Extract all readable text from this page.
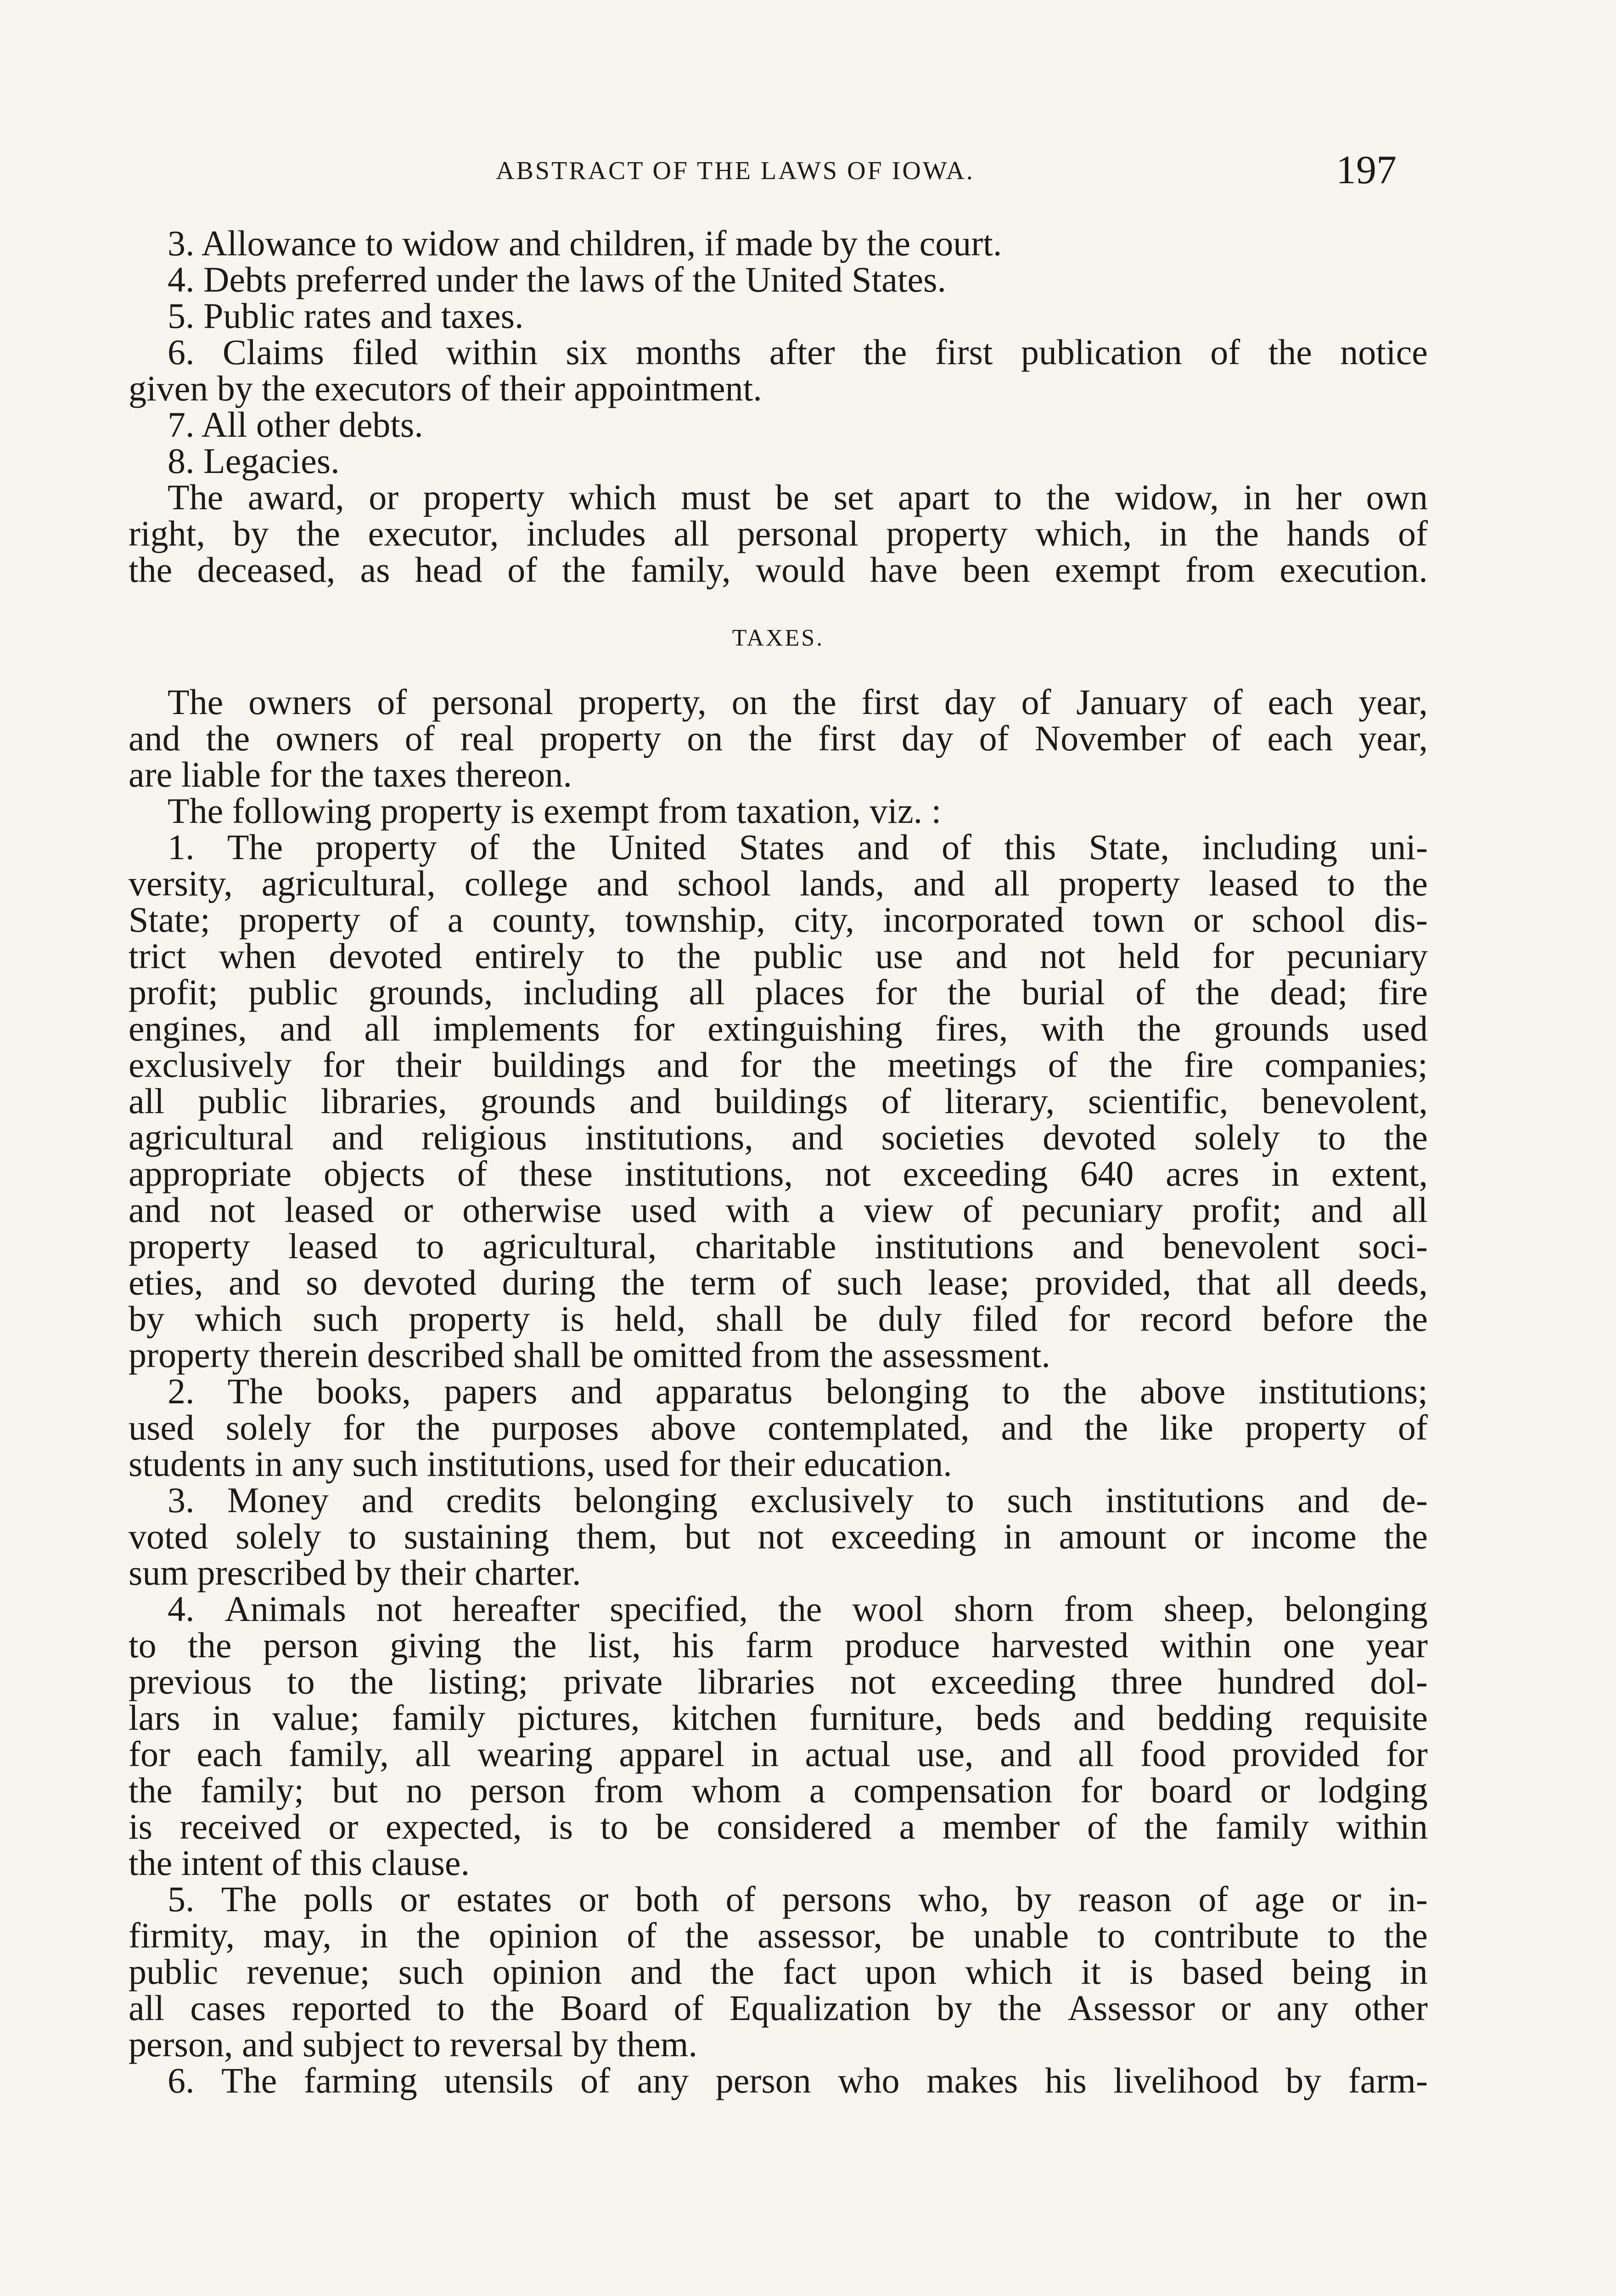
ABSTRACT OF THE LAWS OF IOWA.	197
3. Allowance to widow and children, if made by the court.
4. Debts preferred under the laws of the United States.
5. Public rates and taxes.
6. Claims filed within six months after the first publication of the notice
given by the executors of their appointment.
7. All other debts.
8. Legacies.
The award, or property which must be set apart to the widow, in her own
right, by the executor, includes all personal property which, in the hands of
the deceased, as head of the family, would have been exempt from execution.
TAXES.
The owners of personal property, on the first day of January of each year,
and the owners of real property on the first day of November of each year,
are liable for the taxes thereon.
The following property is exempt from taxation, viz. :
1. The property of the United States and of this State, including uni-
versity, agricultural, college and school lands, and all property leased to the
State; property of a county, township, city, incorporated town or school dis-
trict when devoted entirely to the public use and not held for pecuniary
profit; public grounds, including all places for the burial of the dead; fire
engines, and all implements for extinguishing fires, with the grounds used
exclusively for their buildings and for the meetings of the fire companies;
all public libraries, grounds and buildings of literary, scientific, benevolent,
agricultural and religious institutions, and societies devoted solely to the
appropriate objects of these institutions, not exceeding 640 acres in extent,
and not leased or otherwise used with a view of pecuniary profit; and all
property leased to agricultural, charitable institutions and benevolent soci-
eties, and so devoted during the term of such lease; provided, that all deeds,
by which such property is held, shall be duly filed for record before the
property therein described shall be omitted from the assessment.
2. The books, papers and apparatus belonging to the above institutions;
used solely for the purposes above contemplated, and the like property of
students in any such institutions, used for their education.
3. Money and credits belonging exclusively to such institutions and de-
voted solely to sustaining them, but not exceeding in amount or income the
sum prescribed by their charter.
4. Animals not hereafter specified, the wool shorn from sheep, belonging
to the person giving the list, his farm produce harvested within one year
previous to the listing; private libraries not exceeding three hundred dol-
lars in value; family pictures, kitchen furniture, beds and bedding requisite
for each family, all wearing apparel in actual use, and all food provided for
the family; but no person from whom a compensation for board or lodging
is received or expected, is to be considered a member of the family within
the intent of this clause.
5. The polls or estates or both of persons who, by reason of age or in-
firmity, may, in the opinion of the assessor, be unable to contribute to the
public revenue; such opinion and the fact upon which it is based being in
all cases reported to the Board of Equalization by the Assessor or any other
person, and subject to reversal by them.
6. The farming utensils of any person who makes his livelihood by farm-
